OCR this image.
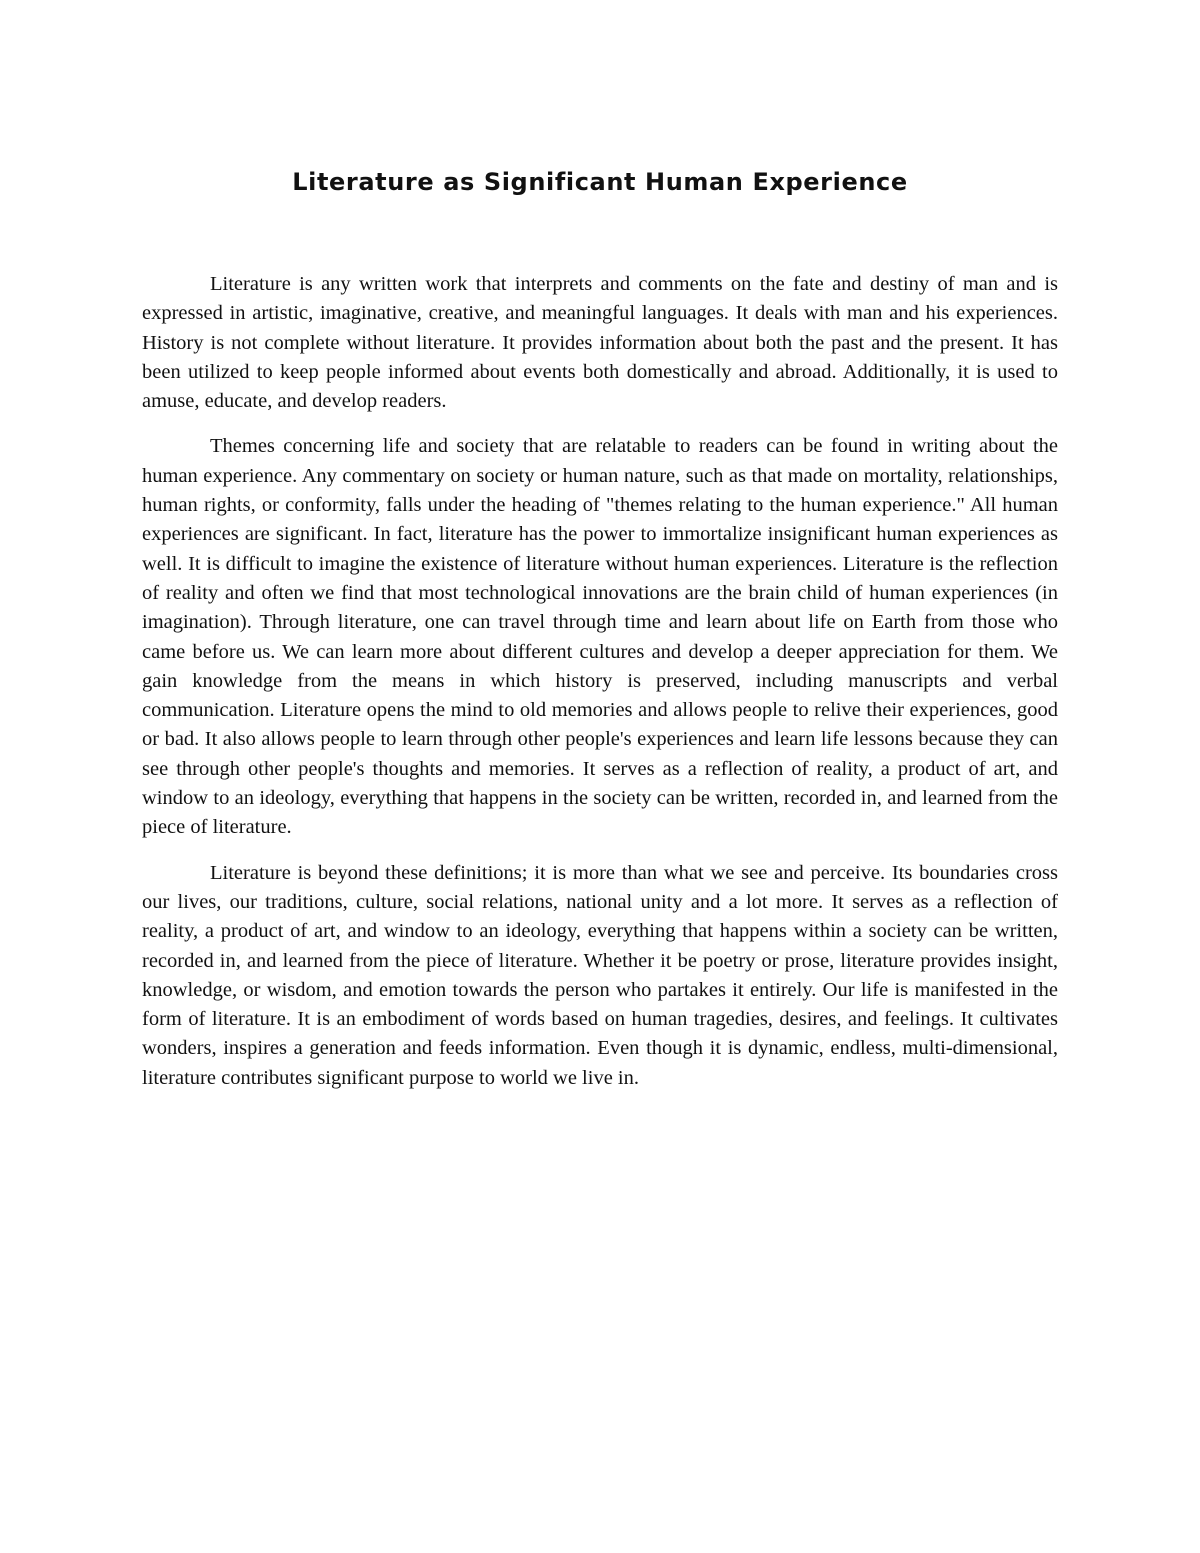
Literature as Significant Human Experience

Literature is any written work that interprets and comments on the fate and destiny of man and is expressed in artistic, imaginative, creative, and meaningful languages. It deals with man and his experiences. History is not complete without literature. It provides information about both the past and the present. It has been utilized to keep people informed about events both domestically and abroad. Additionally, it is used to amuse, educate, and develop readers.

Themes concerning life and society that are relatable to readers can be found in writing about the human experience. Any commentary on society or human nature, such as that made on mortality, relationships, human rights, or conformity, falls under the heading of "themes relating to the human experience." All human experiences are significant. In fact, literature has the power to immortalize insignificant human experiences as well. It is difficult to imagine the existence of literature without human experiences. Literature is the reflection of reality and often we find that most technological innovations are the brain child of human experiences (in imagination). Through literature, one can travel through time and learn about life on Earth from those who came before us. We can learn more about different cultures and develop a deeper appreciation for them. We gain knowledge from the means in which history is preserved, including manuscripts and verbal communication. Literature opens the mind to old memories and allows people to relive their experiences, good or bad. It also allows people to learn through other people's experiences and learn life lessons because they can see through other people's thoughts and memories. It serves as a reflection of reality, a product of art, and window to an ideology, everything that happens in the society can be written, recorded in, and learned from the piece of literature.

Literature is beyond these definitions; it is more than what we see and perceive. Its boundaries cross our lives, our traditions, culture, social relations, national unity and a lot more. It serves as a reflection of reality, a product of art, and window to an ideology, everything that happens within a society can be written, recorded in, and learned from the piece of literature. Whether it be poetry or prose, literature provides insight, knowledge, or wisdom, and emotion towards the person who partakes it entirely. Our life is manifested in the form of literature. It is an embodiment of words based on human tragedies, desires, and feelings. It cultivates wonders, inspires a generation and feeds information. Even though it is dynamic, endless, multi-dimensional, literature contributes significant purpose to world we live in.
